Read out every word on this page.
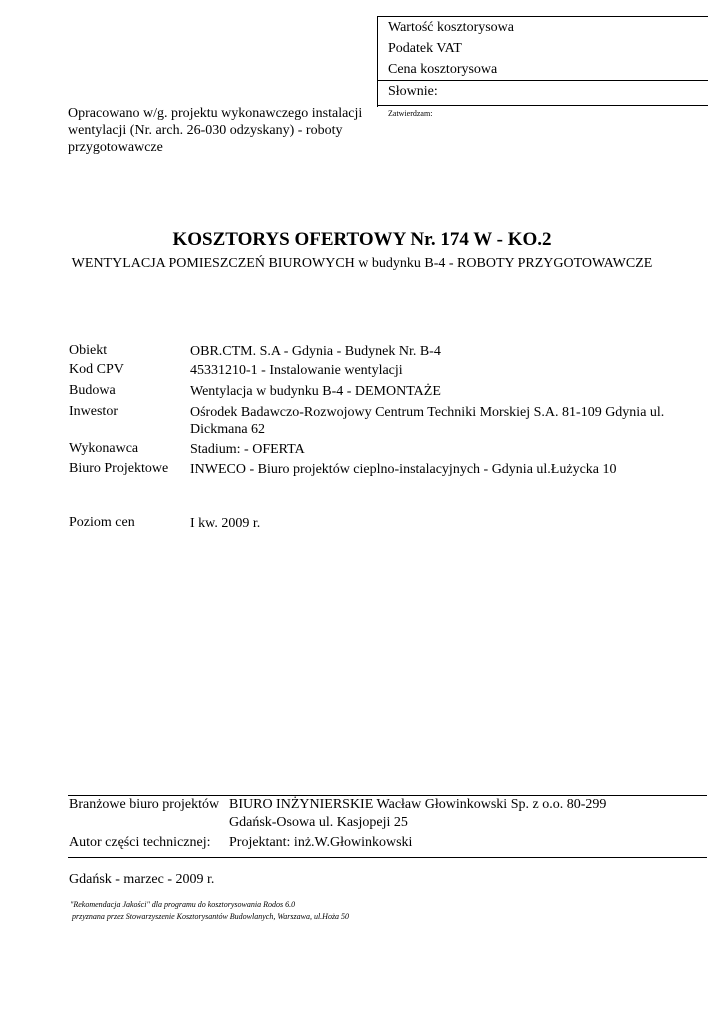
Wartość kosztorysowa
Podatek VAT
Cena kosztorysowa
Słownie:
Zatwierdzam:
Opracowano w/g. projektu wykonawczego instalacji wentylacji (Nr. arch. 26-030 odzyskany) - roboty przygotowawcze
KOSZTORYS OFERTOWY Nr. 174 W - KO.2
WENTYLACJA POMIESZCZEŃ BIUROWYCH w budynku B-4 - ROBOTY PRZYGOTOWAWCZE
Obiekt	OBR.CTM. S.A - Gdynia - Budynek Nr. B-4
Kod CPV	45331210-1 - Instalowanie wentylacji
Budowa	Wentylacja w budynku B-4 - DEMONTAŻE
Inwestor	Ośrodek Badawczo-Rozwojowy Centrum Techniki Morskiej S.A. 81-109 Gdynia ul. Dickmana 62
Wykonawca	Stadium: - OFERTA
Biuro Projektowe INWECO - Biuro projektów cieplno-instalacyjnych - Gdynia ul.Łużycka 10
Poziom cen	I kw. 2009 r.
Branżowe biuro projektów BIURO INŻYNIERSKIE Wacław Głowinkowski Sp. z o.o. 80-299
Gdańsk-Osowa ul. Kasjopeji 25
Autor części technicznej: Projektant: inż.W.Głowinkowski
Gdańsk - marzec - 2009 r.
"Rekomendacja Jakości" dla programu do kosztorysowania Rodos 6.0
przyznana przez Stowarzyszenie Kosztorysantów Budowlanych, Warszawa, ul.Hoża 50
